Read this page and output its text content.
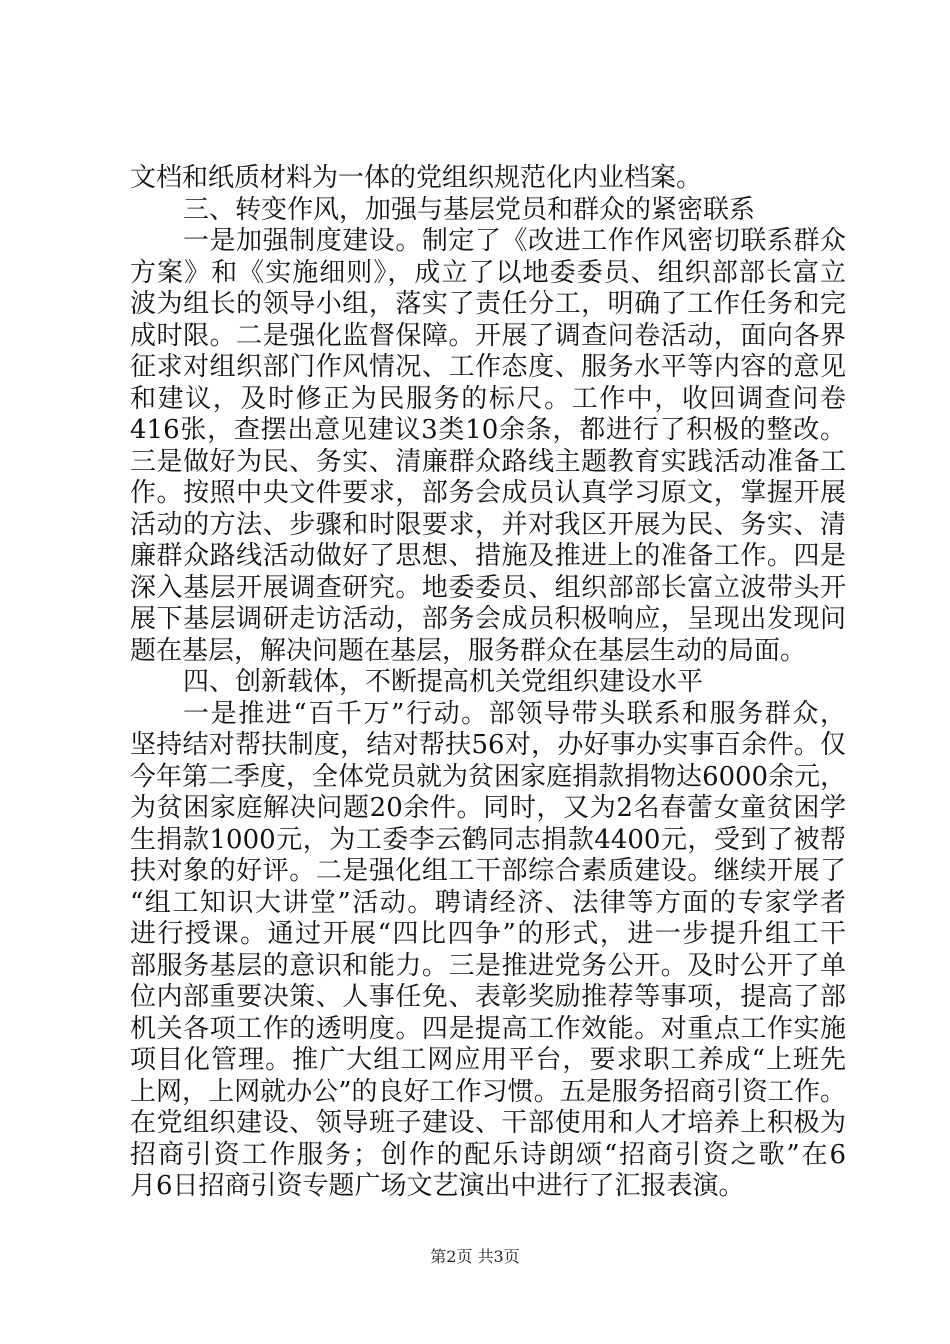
文档和纸质材料为一体的党组织规范化内业档案。
三、转变作风，加强与基层党员和群众的紧密联系
一是加强制度建设。制定了《改进工作作风密切联系群众
方案》和《实施细则》，成立了以地委委员、组织部部长富立
波为组长的领导小组，落实了责任分工，明确了工作任务和完
成时限。二是强化监督保障。开展了调查问卷活动，面向各界
征求对组织部门作风情况、工作态度、服务水平等内容的意见
和建议，及时修正为民服务的标尺。工作中，收回调查问卷
416张，查摆出意见建议3类10余条，都进行了积极的整改。
三是做好为民、务实、清廉群众路线主题教育实践活动准备工
作。按照中央文件要求，部务会成员认真学习原文，掌握开展
活动的方法、步骤和时限要求，并对我区开展为民、务实、清
廉群众路线活动做好了思想、措施及推进上的准备工作。四是
深入基层开展调查研究。地委委员、组织部部长富立波带头开
展下基层调研走访活动，部务会成员积极响应，呈现出发现问
题在基层，解决问题在基层，服务群众在基层生动的局面。
四、创新载体，不断提高机关党组织建设水平
一是推进“百千万”行动。部领导带头联系和服务群众，
坚持结对帮扶制度，结对帮扶56对，办好事办实事百余件。仅
今年第二季度，全体党员就为贫困家庭捐款捐物达6000余元，
为贫困家庭解决问题20余件。同时，又为2名春蕾女童贫困学
生捐款1000元，为工委李云鹤同志捐款4400元，受到了被帮
扶对象的好评。二是强化组工干部综合素质建设。继续开展了
“组工知识大讲堂”活动。聘请经济、法律等方面的专家学者
进行授课。通过开展“四比四争”的形式，进一步提升组工干
部服务基层的意识和能力。三是推进党务公开。及时公开了单
位内部重要决策、人事任免、表彰奖励推荐等事项，提高了部
机关各项工作的透明度。四是提高工作效能。对重点工作实施
项目化管理。推广大组工网应用平台，要求职工养成“上班先
上网，上网就办公”的良好工作习惯。五是服务招商引资工作。
在党组织建设、领导班子建设、干部使用和人才培养上积极为
招商引资工作服务；创作的配乐诗朗颂“招商引资之歌”在6
月6日招商引资专题广场文艺演出中进行了汇报表演。
第2页 共3页
